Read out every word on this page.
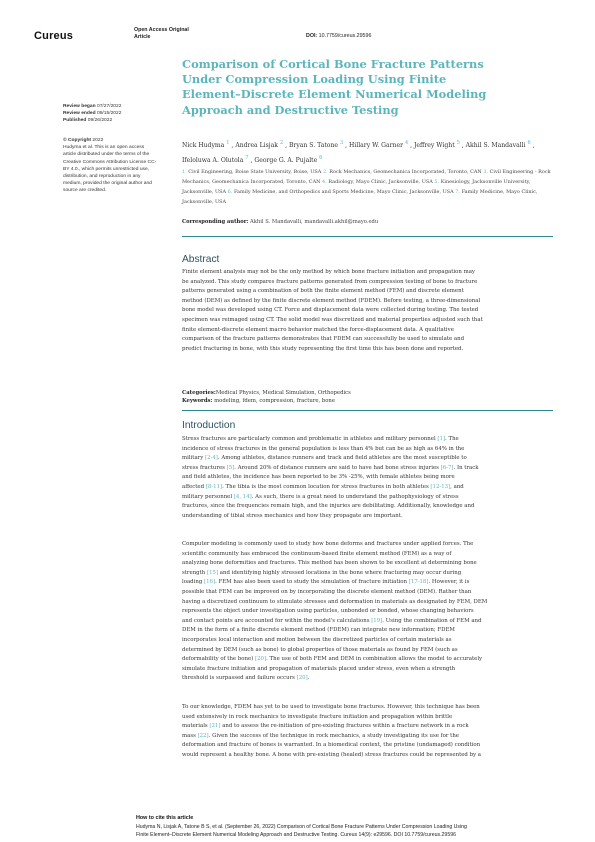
Cureus	Open Access Original
Article	DOI: 10.7759/cureus.29596
Review began 07/27/2022
Review ended 09/15/2022
Published 09/26/2022
© Copyright 2022
Hudyma et al. This is an open access
article distributed under the terms of the
Creative Commons Attribution License CC-
BY 4.0., which permits unrestricted use,
distribution, and reproduction in any
medium, provided the original author and
source are credited.
Comparison of Cortical Bone Fracture Patterns
Under Compression Loading Using Finite
Element–Discrete Element Numerical Modeling
Approach and Destructive Testing
Nick Hudyma $^1$ , Andrea Lisjak $^2$ , Bryan S. Tatone $^3$ , Hillary W. Garner $^4$ , Jeffrey Wight $^5$ , Akhil S. Mandavalli $^6$ , Ifeloluwa A. Olutola $^7$ , George G. A. Pujalte $^6$
1. Civil Engineering, Boise State University, Boise, USA 2. Rock Mechanics, Geomechanica Incorporated, Toronto, CAN 3. Civil Engineering - Rock Mechanics, Geomechanica Incorporated, Toronto, CAN 4. Radiology, Mayo Clinic, Jacksonville, USA 5. Kinesiology, Jacksonville University, Jacksonville, USA 6. Family Medicine, and Orthopedics and Sports Medicine, Mayo Clinic, Jacksonville, USA 7. Family Medicine, Mayo Clinic, Jacksonville, USA
Corresponding author: Akhil S. Mandavalli, mandavalli.akhil@mayo.edu
Abstract
Finite element analysis may not be the only method by which bone fracture initiation and propagation may
be analyzed. This study compares fracture patterns generated from compression testing of bone to fracture
patterns generated using a combination of both the finite element method (FEM) and discrete element
method (DEM) as defined by the finite discrete element method (FDEM). Before testing, a three-dimensional
bone model was developed using CT. Force and displacement data were collected during testing. The tested
specimen was reimaged using CT. The solid model was discretized and material properties adjusted such that
finite element-discrete element macro behavior matched the force-displacement data. A qualitative
comparison of the fracture patterns demonstrates that FDEM can successfully be used to simulate and
predict fracturing in bone, with this study representing the first time this has been done and reported.
Categories:Medical Physics, Medical Simulation, Orthopedics
Keywords: modeling, fdem, compression, fracture, bone
Introduction
Stress fractures are particularly common and problematic in athletes and military personnel [1]. The
incidence of stress fractures in the general population is less than 4% but can be as high as 64% in the
military [2-4]. Among athletes, distance runners and track and field athletes are the most susceptible to
stress fractures [5]. Around 20% of distance runners are said to have had bone stress injuries [6-7]. In track
and field athletes, the incidence has been reported to be 3% -25%, with female athletes being more
affected [8-11]. The tibia is the most common location for stress fractures in both athletes [12-13], and
military personnel [4, 14]. As such, there is a great need to understand the pathophysiology of stress
fractures, since the frequencies remain high, and the injuries are debilitating. Additionally, knowledge and
understanding of tibial stress mechanics and how they propagate are important.
Computer modeling is commonly used to study how bone deforms and fractures under applied forces. The
scientific community has embraced the continuum-based finite element method (FEM) as a way of
analyzing bone deformities and fractures. This method has been shown to be excellent at determining bone
strength [15] and identifying highly stressed locations in the bone where fracturing may occur during
loading [16]. FEM has also been used to study the simulation of fracture initiation [17-18]. However, it is
possible that FEM can be improved on by incorporating the discrete element method (DEM). Rather than
having a discretized continuum to stimulate stresses and deformation in materials as designated by FEM, DEM
represents the object under investigation using particles, unbonded or bonded, whose changing behaviors
and contact points are accounted for within the model's calculations [19]. Using the combination of FEM and
DEM in the form of a finite discrete element method (FDEM) can integrate new information; FDEM
incorporates local interaction and motion between the discretized particles of certain materials as
determined by DEM (such as bone) to global properties of those materials as found by FEM (such as
deformability of the bone) [20]. The use of both FEM and DEM in combination allows the model to accurately
simulate fracture initiation and propagation of materials placed under stress, even when a strength
threshold is surpassed and failure occurs [20].
To our knowledge, FDEM has yet to be used to investigate bone fractures. However, this technique has been
used extensively in rock mechanics to investigate fracture initiation and propagation within brittle
materials [21] and to assess the re-initiation of pre-existing fractures within a fracture network in a rock
mass [22]. Given the success of the technique in rock mechanics, a study investigating its use for the
deformation and fracture of bones is warranted. In a biomedical context, the pristine (undamaged) condition
would represent a healthy bone. A bone with pre-existing (healed) stress fractures could be represented by a
How to cite this article
Hudyma N, Lisjak A, Tatone B S, et al. (September 26, 2022) Comparison of Cortical Bone Fracture Patterns Under Compression Loading Using
Finite Element–Discrete Element Numerical Modeling Approach and Destructive Testing. Cureus 14(9): e29596. DOI 10.7759/cureus.29596
